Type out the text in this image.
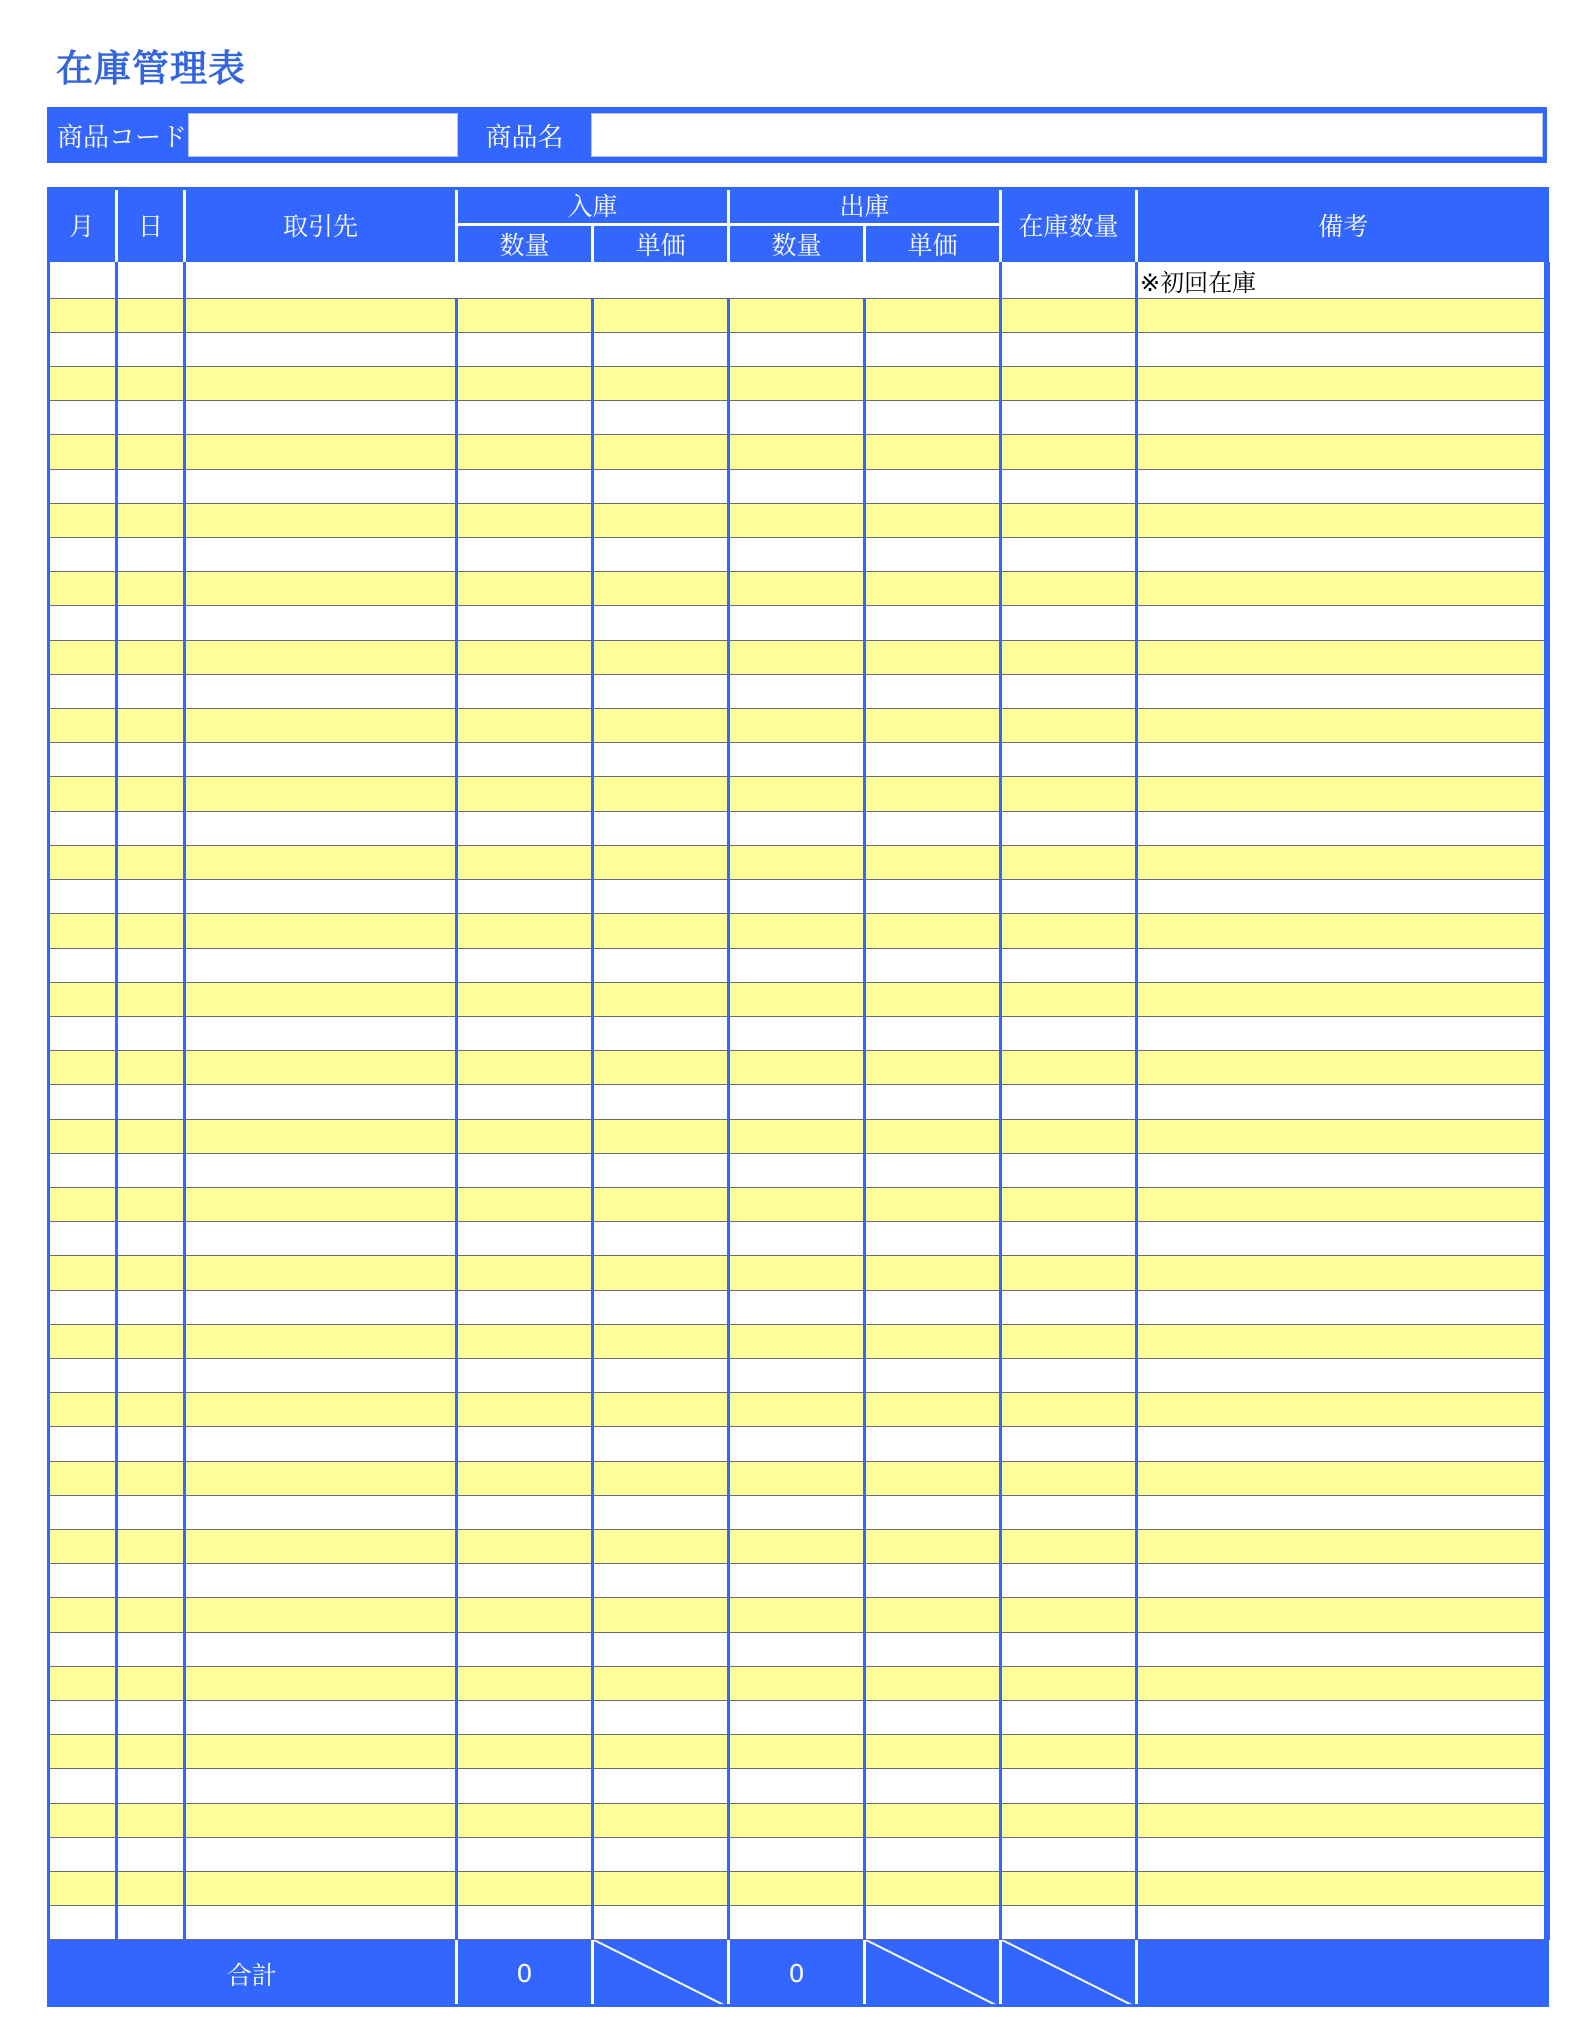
在庫管理表
商品コード	商品名
月	日	取引先	入庫		出庫		在庫数量	備考
			数量	単価	数量	単価		
								※初回在庫

合計			0		0	
